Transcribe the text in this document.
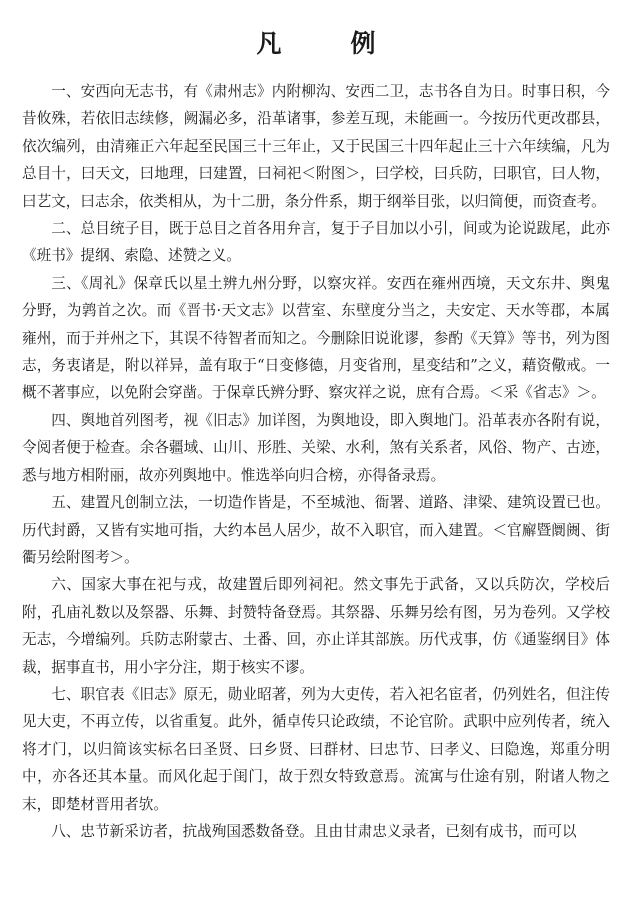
凡　例

一、安西向无志书，有《肃州志》内附柳沟、安西二卫，志书各自为日。时事日积，今昔攸殊，若依旧志续修，阙漏必多，沿革诸事，参差互现，未能画一。今按历代更改郡县，依次编列，由清雍正六年起至民国三十三年止，又于民国三十四年起止三十六年续编，凡为总目十，曰天文，曰地理，曰建置，曰祠祀＜附图＞，曰学校，曰兵防，曰职官，曰人物，曰艺文，曰志余，依类相从，为十二册，条分件系，期于纲举目张，以归简便，而资查考。

二、总目统子目，既于总目之首各用弁言，复于子目加以小引，间或为论说跋尾，此亦《班书》提纲、索隐、述赞之义。

三、《周礼》保章氏以星土辨九州分野，以察灾祥。安西在雍州西境，天文东井、舆鬼分野，为鹑首之次。而《晋书·天文志》以营室、东壁度分当之，夫安定、天水等郡，本属雍州，而于并州之下，其误不待智者而知之。今删除旧说讹谬，参酌《天算》等书，列为图志，务衷诸是，附以祥异，盖有取于“日变修德，月变省刑，星变结和”之义，藉资儆戒。一概不著事应，以免附会穿凿。于保章氏辨分野、察灾祥之说，庶有合焉。＜采《省志》＞。

四、舆地首列图考，视《旧志》加详图，为舆地设，即入舆地门。沿革表亦各附有说，令阅者便于检查。余各疆域、山川、形胜、关梁、水利，煞有关系者，风俗、物产、古迹，悉与地方相附丽，故亦列舆地中。惟选举向归合榜，亦得备录焉。

五、建置凡创制立法，一切造作皆是，不至城池、衙署、道路、津梁、建筑设置已也。历代封爵，又皆有实地可指，大约本邑人居少，故不入职官，而入建置。＜官廨暨阛阓、街衢另绘附图考＞。

六、国家大事在祀与戎，故建置后即列祠祀。然文事先于武备，又以兵防次，学校后附，孔庙礼数以及祭器、乐舞、封赞特备登焉。其祭器、乐舞另绘有图，另为卷列。又学校无志，今增编列。兵防志附蒙古、土番、回，亦止详其部族。历代戎事，仿《通鉴纲目》体裁，据事直书，用小字分注，期于核实不谬。

七、职官表《旧志》原无，勋业昭著，列为大吏传，若入祀名宦者，仍列姓名，但注传见大吏，不再立传，以省重复。此外，循卓传只论政绩，不论官阶。武职中应列传者，统入将才门，以归简该实标名曰圣贤、曰乡贤、曰群材、曰忠节、曰孝义、曰隐逸，郑重分明中，亦各还其本量。而风化起于闺门，故于烈女特致意焉。流寓与仕途有别，附诸人物之末，即楚材晋用者欤。

八、忠节新采访者，抗战殉国悉数备登。且由甘肃忠义录者，已刻有成书，而可以
